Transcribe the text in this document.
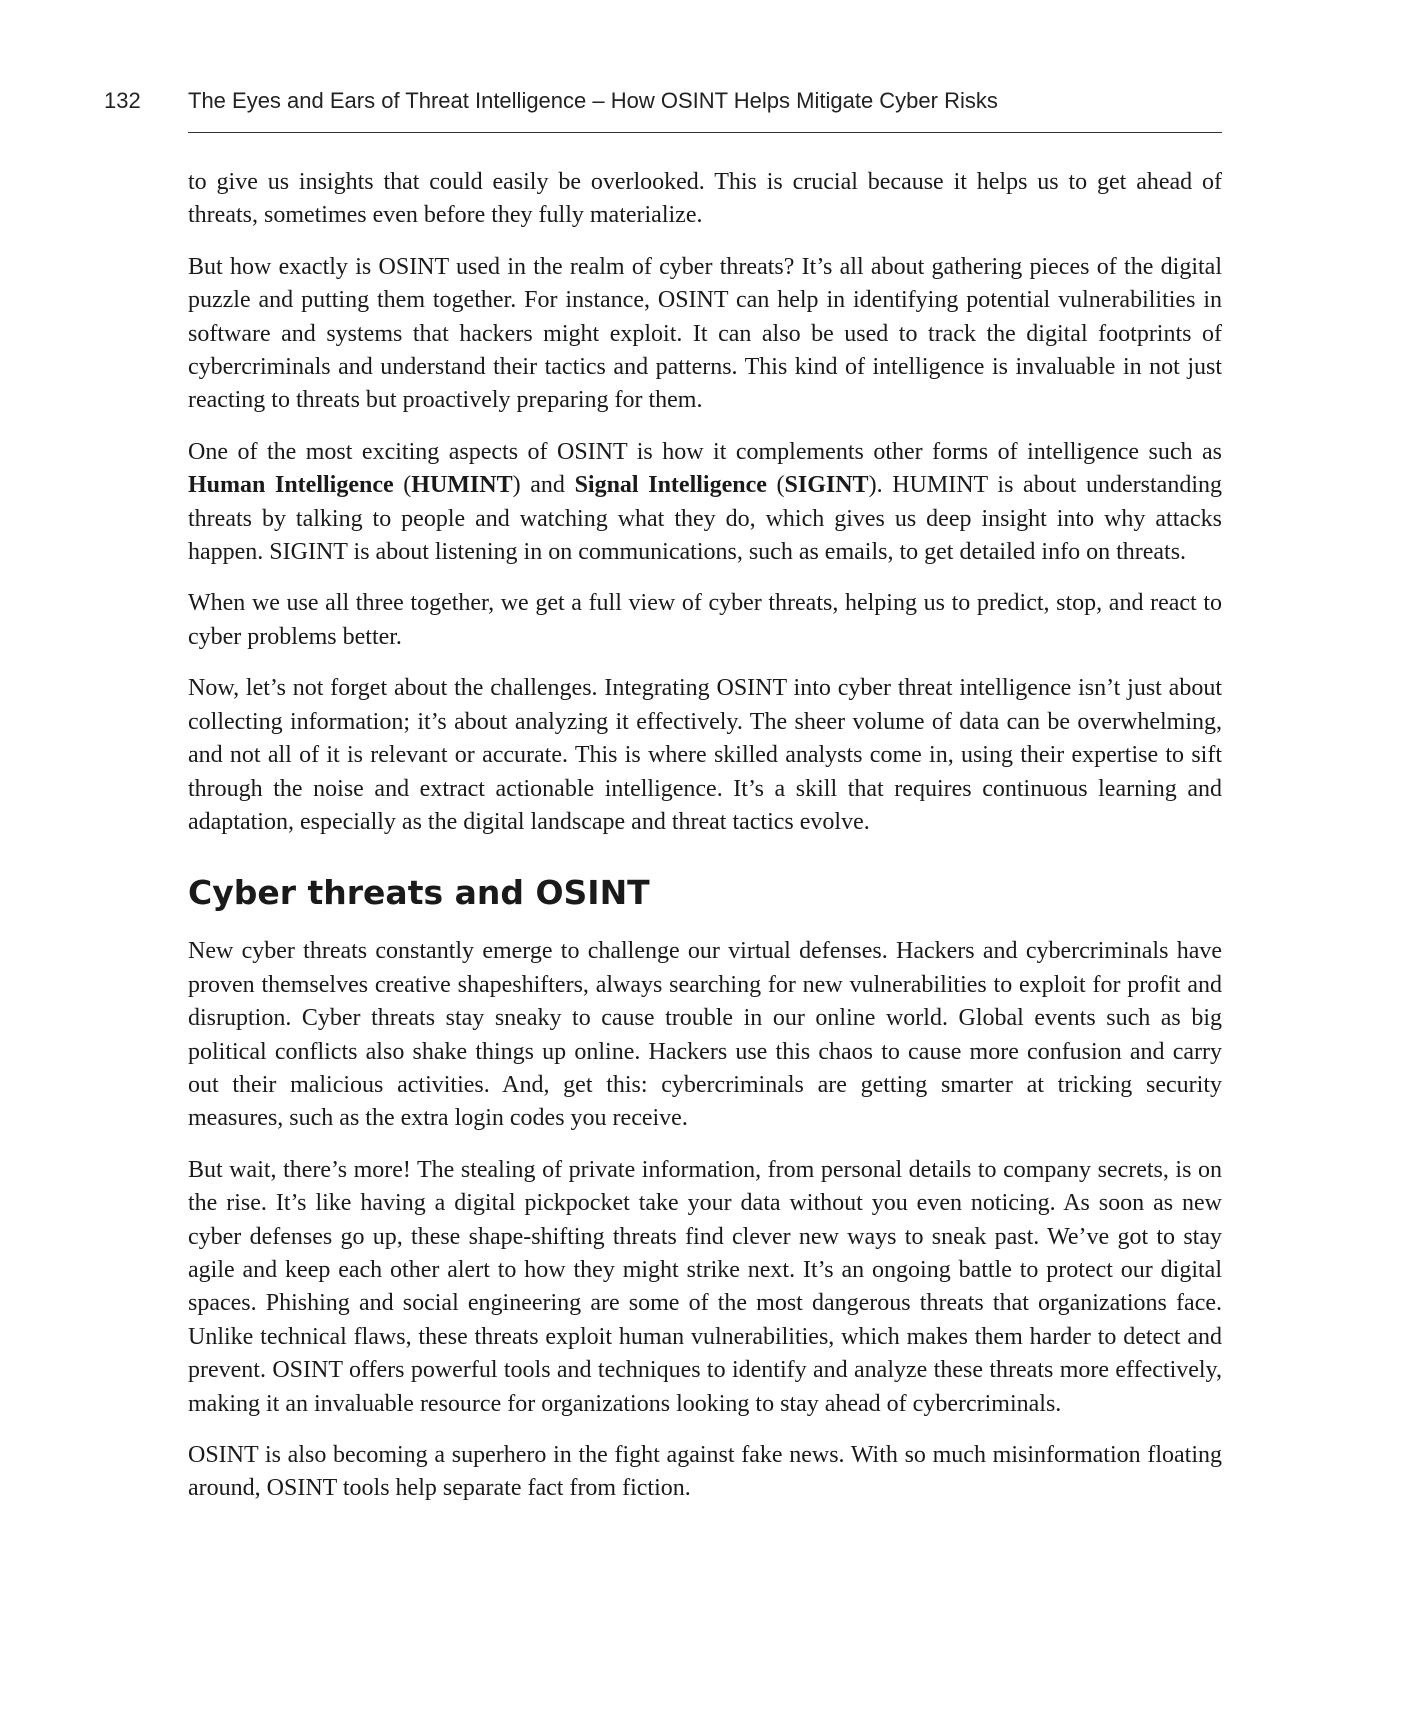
132 The Eyes and Ears of Threat Intelligence – How OSINT Helps Mitigate Cyber Risks

to give us insights that could easily be overlooked. This is crucial because it helps us to get ahead of threats, sometimes even before they fully materialize.

But how exactly is OSINT used in the realm of cyber threats? It’s all about gathering pieces of the digital puzzle and putting them together. For instance, OSINT can help in identifying potential vulnerabilities in software and systems that hackers might exploit. It can also be used to track the digital footprints of cybercriminals and understand their tactics and patterns. This kind of intelligence is invaluable in not just reacting to threats but proactively preparing for them.

One of the most exciting aspects of OSINT is how it complements other forms of intelligence such as Human Intelligence (HUMINT) and Signal Intelligence (SIGINT). HUMINT is about understanding threats by talking to people and watching what they do, which gives us deep insight into why attacks happen. SIGINT is about listening in on communications, such as emails, to get detailed info on threats.

When we use all three together, we get a full view of cyber threats, helping us to predict, stop, and react to cyber problems better.

Now, let’s not forget about the challenges. Integrating OSINT into cyber threat intelligence isn’t just about collecting information; it’s about analyzing it effectively. The sheer volume of data can be overwhelming, and not all of it is relevant or accurate. This is where skilled analysts come in, using their expertise to sift through the noise and extract actionable intelligence. It’s a skill that requires continuous learning and adaptation, especially as the digital landscape and threat tactics evolve.

Cyber threats and OSINT

New cyber threats constantly emerge to challenge our virtual defenses. Hackers and cybercriminals have proven themselves creative shapeshifters, always searching for new vulnerabilities to exploit for profit and disruption. Cyber threats stay sneaky to cause trouble in our online world. Global events such as big political conflicts also shake things up online. Hackers use this chaos to cause more confusion and carry out their malicious activities. And, get this: cybercriminals are getting smarter at tricking security measures, such as the extra login codes you receive.

But wait, there’s more! The stealing of private information, from personal details to company secrets, is on the rise. It’s like having a digital pickpocket take your data without you even noticing. As soon as new cyber defenses go up, these shape-shifting threats find clever new ways to sneak past. We’ve got to stay agile and keep each other alert to how they might strike next. It’s an ongoing battle to protect our digital spaces. Phishing and social engineering are some of the most dangerous threats that organizations face. Unlike technical flaws, these threats exploit human vulnerabilities, which makes them harder to detect and prevent. OSINT offers powerful tools and techniques to identify and analyze these threats more effectively, making it an invaluable resource for organizations looking to stay ahead of cybercriminals.

OSINT is also becoming a superhero in the fight against fake news. With so much misinformation floating around, OSINT tools help separate fact from fiction.
